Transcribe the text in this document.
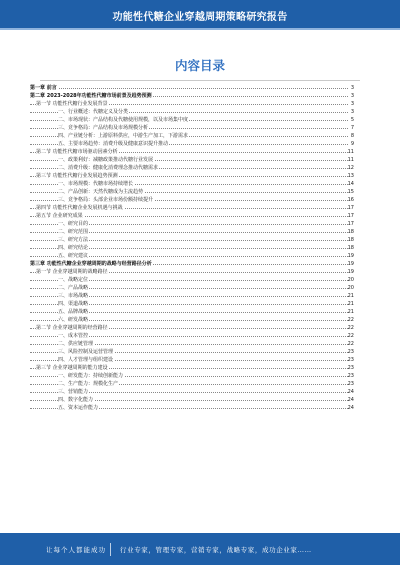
功能性代糖企业穿越周期策略研究报告
内容目录
第一章 前言	3
第二章 2023-2028年功能性代糖市场前景及趋势预测	3
第一节 功能性代糖行业发展背景	3
一、行业概述：代糖定义及分类	3
二、市场现状：产品结构及代糖使用规模，以及市场集中度	5
三、竞争格局：产品结构及市场规模分析	7
四、产业链分析：上游原料供应，中游生产加工，下游需求	8
五、主要市场趋势：消费升级及健康意识提升推动	9
第二节 功能性代糖市场驱动因素分析	11
一、政策利好：减糖政策推动代糖行业发展	11
二、消费升级：健康化消费理念推动代糖需求	12
第三节 功能性代糖行业发展趋势预测	13
一、市场规模：代糖市场持续增长	14
二、产品创新：天然代糖成为主流趋势	15
三、竞争格局：头部企业市场份额持续提升	16
第四节 功能性代糖企业发展机遇与挑战	17
第五节 企业研究成果	17
一、研究目的	17
二、研究范围	18
三、研究方法	18
四、研究结论	18
五、研究建议	19
第三章 功能性代糖企业穿越周期的战略与经营路径分析	19
第一节 企业穿越周期的战略路径	19
一、战略定位	20
二、产品战略	20
三、市场战略	21
四、渠道战略	21
五、品牌战略	21
六、研发战略	22
第二节 企业穿越周期的经营路径	22
一、成本管控	22
二、供应链管理	22
三、风险控制及运营管理	23
四、人才管理与组织建设	23
第三节 企业穿越周期的能力建设	23
一、研发能力：持续创新能力	23
二、生产能力：规模化生产	23
三、营销能力	24
四、数字化能力	24
五、资本运作能力	24
让每个人都能成功 行业专家，管理专家，营销专家，战略专家，成功企业家……
